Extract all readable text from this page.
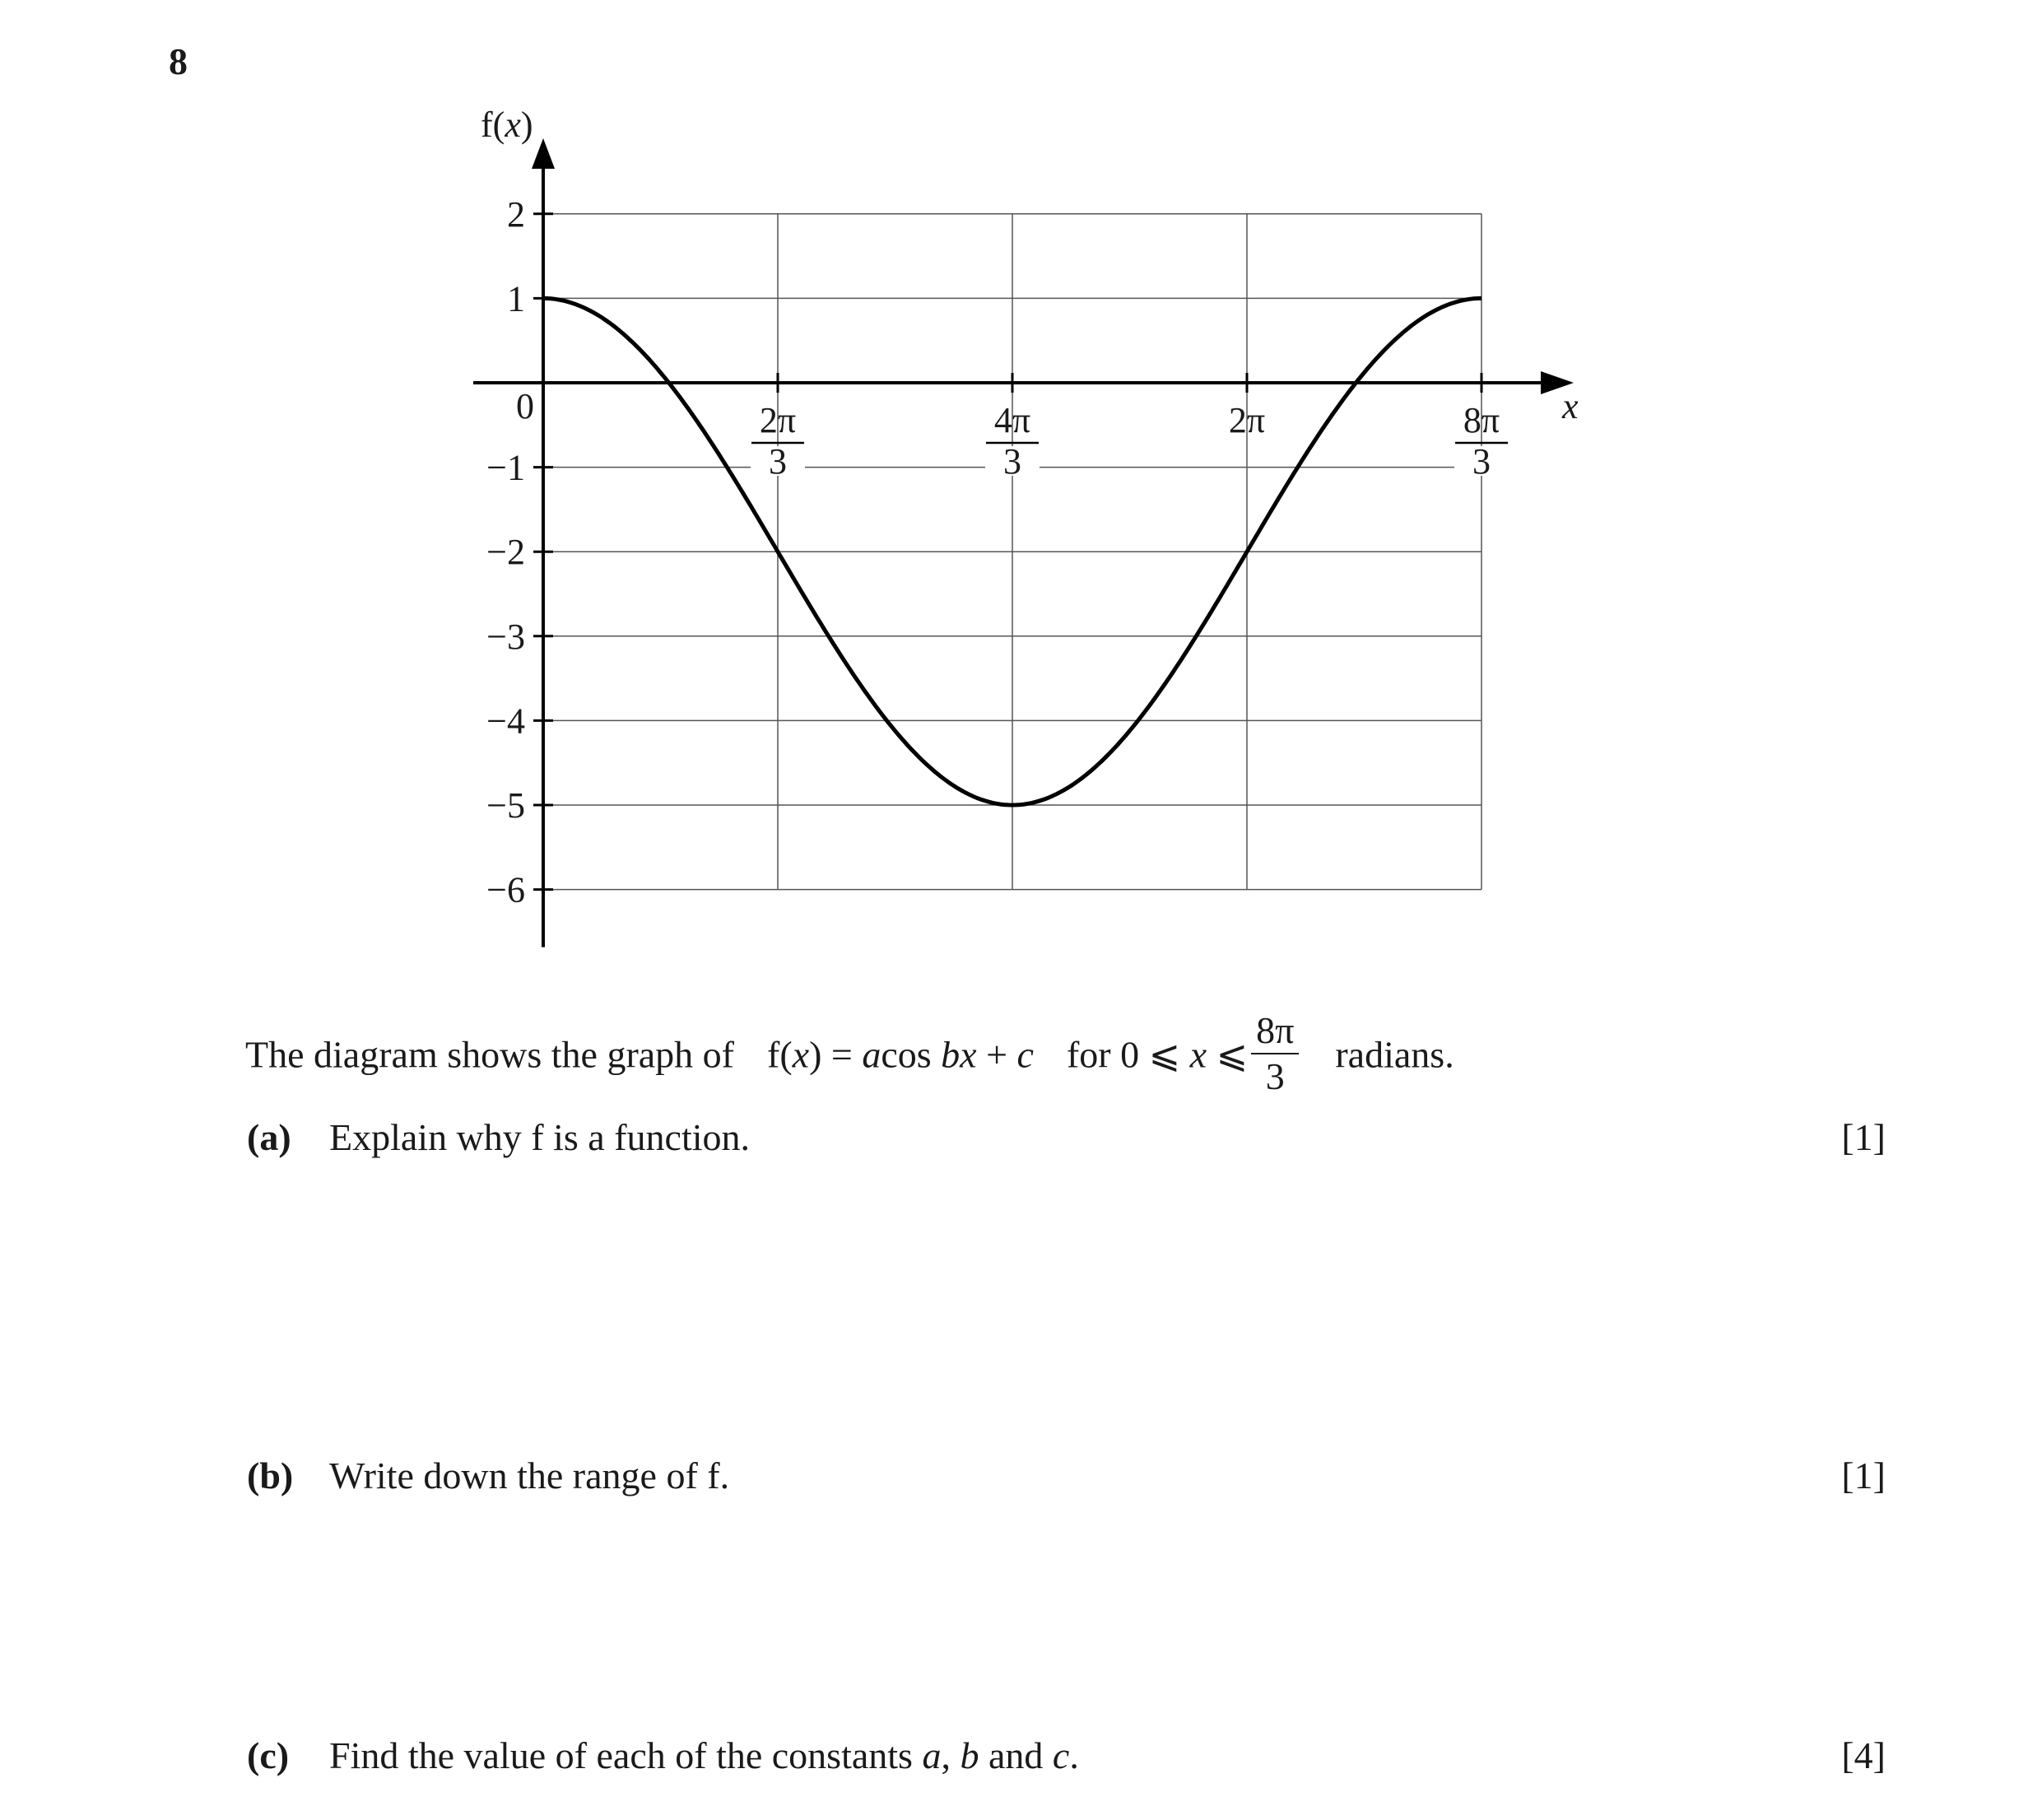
8
2
1
−1
−2
−3
−4
−5
−6
2π
3
4π
3
2π	8π
3
f(x)
x
0
The diagram shows the graph of f(x) = acos bx + c for 0 ⩽ x ⩽ $\frac{8\pi}{3}$ radians.
(a) Explain why f is a function.	[1]
(b) Write down the range of f.	[1]
(c) Find the value of each of the constants a, b and c.	[4]
